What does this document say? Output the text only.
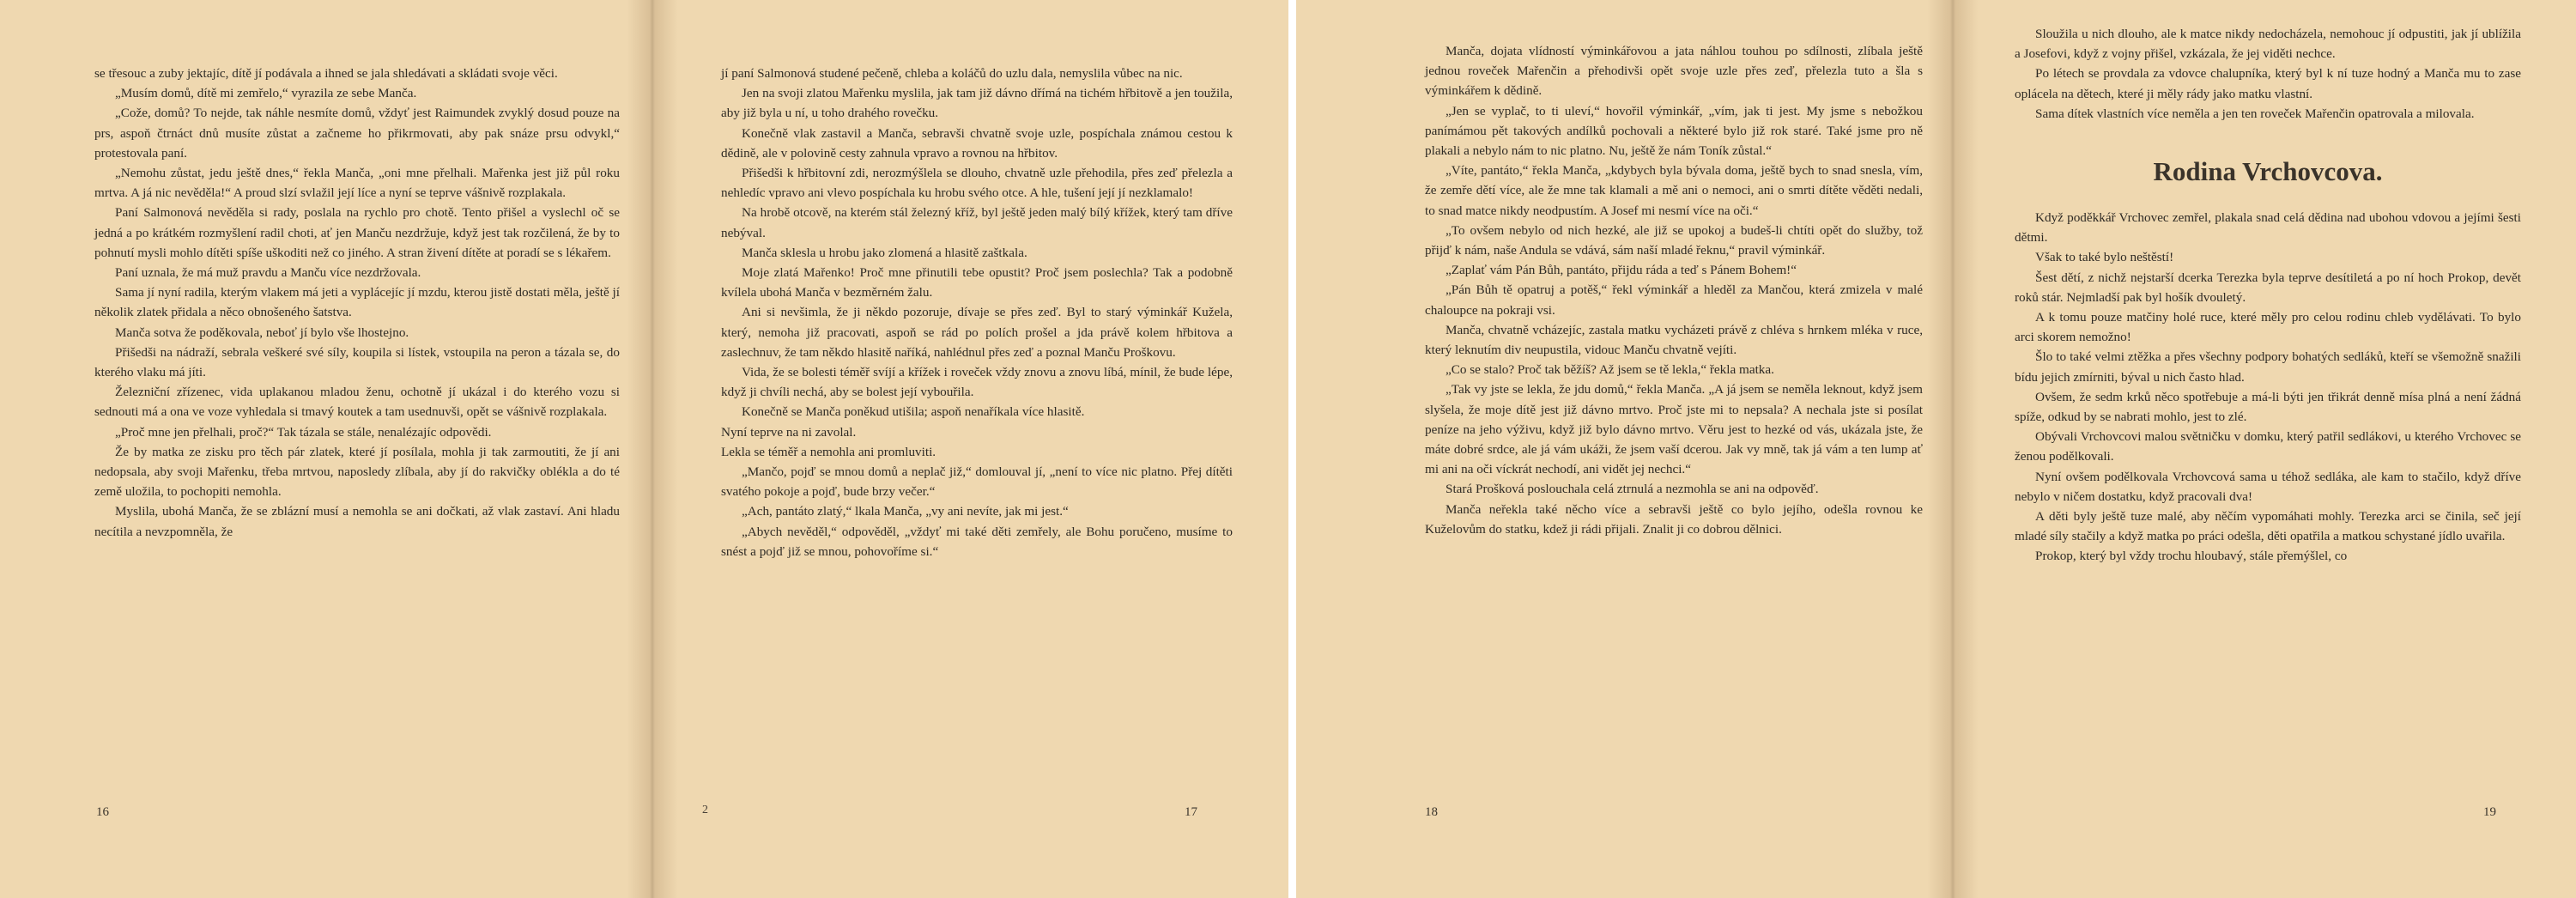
se třesouc a zuby jektajíc, dítě jí podávala a ihned se jala shledávati a skládati svoje věci.

„Musím domů, dítě mi zemřelo,“ vyrazila ze sebe Manča.

„Cože, domů? To nejde, tak náhle nesmíte domů, vždyť jest Raimundek zvyklý dosud pouze na prs, aspoň čtrnáct dnů musíte zůstat a začneme ho přikrmovati, aby pak snáze prsu odvykl,“ protestovala paní.

„Nemohu zůstat, jedu ještě dnes,“ řekla Manča, „oni mne přelhali. Mařenka jest již půl roku mrtva. A já nic nevěděla!“ A proud slzí svlažil její líce a nyní se teprve vášnivě rozplakala.

Paní Salmonová nevěděla si rady, poslala na rychlo pro chotě. Tento přišel a vyslechl oč se jedná a po krátkém rozmyšlení radil choti, ať jen Manču nezdržuje, když jest tak rozčilená, že by to pohnutí mysli mohlo dítěti spíše uškoditi než co jiného. A stran živení dítěte at poradí se s lékařem.

Paní uznala, že má muž pravdu a Manču více nezdržovala.

Sama jí nyní radila, kterým vlakem má jeti a vyplácejíc jí mzdu, kterou jistě dostati měla, ještě jí několik zlatek přidala a něco obnošeného šatstva.

Manča sotva že poděkovala, neboť jí bylo vše lhostejno.

Přišedši na nádraží, sebrala veškeré své síly, koupila si lístek, vstoupila na peron a tázala se, do kterého vlaku má jíti.

Železniční zřízenec, vida uplakanou mladou ženu, ochotně jí ukázal i do kterého vozu si sednouti má a ona ve voze vyhledala si tmavý koutek a tam usednuvši, opět se vášnivě rozplakala.

„Proč mne jen přelhali, proč?“ Tak tázala se stále, nenalézajíc odpovědi.

Že by matka ze zisku pro těch pár zlatek, které jí posílala, mohla ji tak zarmoutiti, že jí ani nedopsala, aby svoji Mařenku, třeba mrtvou, naposledy zlíbala, aby jí do rakvičky oblékla a do té země uložila, to pochopiti nemohla.

Myslila, ubohá Manča, že se zblázní musí a nemohla se ani dočkati, až vlak zastaví. Ani hladu necítila a nevzpomněla, že

16

jí paní Salmonová studené pečeně, chleba a koláčů do uzlu dala, nemyslila vůbec na nic.

Jen na svoji zlatou Mařenku myslila, jak tam již dávno dřímá na tichém hřbitově a jen toužila, aby již byla u ní, u toho drahého rovečku.

Konečně vlak zastavil a Manča, sebravši chvatně svoje uzle, pospíchala známou cestou k dědině, ale v polovině cesty zahnula vpravo a rovnou na hřbitov.

Přišedši k hřbitovní zdi, nerozmýšlela se dlouho, chvatně uzle přehodila, přes zeď přelezla a nehledíc vpravo ani vlevo pospíchala ku hrobu svého otce. A hle, tušení její jí nezklamalo!

Na hrobě otcově, na kterém stál železný kříž, byl ještě jeden malý bílý křížek, který tam dříve nebýval.

Manča sklesla u hrobu jako zlomená a hlasitě zaštkala.

Moje zlatá Mařenko! Proč mne přinutili tebe opustit? Proč jsem poslechla? Tak a podobně kvílela ubohá Manča v bezměrném žalu.

Ani si nevšimla, že ji někdo pozoruje, dívaje se přes zeď. Byl to starý výminkář Kužela, který, nemoha již pracovati, aspoň se rád po polích prošel a jda právě kolem hřbitova a zaslechnuv, že tam někdo hlasitě naříká, nahlédnul přes zeď a poznal Manču Proškovu.

Vida, že se bolesti téměř svíjí a křížek i roveček vždy znovu a znovu líbá, mínil, že bude lépe, když ji chvíli nechá, aby se bolest její vybouřila.

Konečně se Manča poněkud utišila; aspoň nenaříkala více hlasitě.

Nyní teprve na ni zavolal.

Lekla se téměř a nemohla ani promluviti.

„Mančo, pojď se mnou domů a neplač již,“ domlouval jí, „není to více nic platno. Přej dítěti svatého pokoje a pojď, bude brzy večer.“

„Ach, pantáto zlatý,“ lkala Manča, „vy ani nevíte, jak mi jest.“

„Abych nevěděl,“ odpověděl, „vždyť mi také děti zemřely, ale Bohu poručeno, musíme to snést a pojď již se mnou, pohovoříme si.“

2	17

Manča, dojata vlídností výminkářovou a jata náhlou touhou po sdílnosti, zlíbala ještě jednou roveček Mařenčin a přehodivši opět svoje uzle přes zeď, přelezla tuto a šla s výminkářem k dědině.

„Jen se vyplač, to ti uleví,“ hovořil výminkář, „vím, jak ti jest. My jsme s nebožkou panímámou pět takových andílků pochovali a některé bylo již rok staré. Také jsme pro ně plakali a nebylo nám to nic platno. Nu, ještě že nám Toník zůstal.“

„Víte, pantáto,“ řekla Manča, „kdybych byla bývala doma, ještě bych to snad snesla, vím, že zemře dětí více, ale že mne tak klamali a mě ani o nemoci, ani o smrti dítěte věděti nedali, to snad matce nikdy neodpustím. A Josef mi nesmí více na oči.“

„To ovšem nebylo od nich hezké, ale již se upokoj a budeš-li chtíti opět do služby, tož přijď k nám, naše Andula se vdává, sám naší mladé řeknu,“ pravil výminkář.

„Zaplať vám Pán Bůh, pantáto, přijdu ráda a teď s Pánem Bohem!“

„Pán Bůh tě opatruj a potěš,“ řekl výminkář a hleděl za Mančou, která zmizela v malé chaloupce na pokraji vsi.

Manča, chvatně vcházejíc, zastala matku vycházeti právě z chléva s hrnkem mléka v ruce, který leknutím div neupustila, vidouc Manču chvatně vejíti.

„Co se stalo? Proč tak běžíš? Až jsem se tě lekla,“ řekla matka.

„Tak vy jste se lekla, že jdu domů,“ řekla Manča. „A já jsem se neměla leknout, když jsem slyšela, že moje dítě jest již dávno mrtvo. Proč jste mi to nepsala? A nechala jste si posílat peníze na jeho výživu, když již bylo dávno mrtvo. Věru jest to hezké od vás, ukázala jste, že máte dobré srdce, ale já vám ukáži, že jsem vaší dcerou. Jak vy mně, tak já vám a ten lump ať mi ani na oči víckrát nechodí, ani vidět jej nechci.“

Stará Prošková poslouchala celá ztrnulá a nezmohla se ani na odpověď.

Manča neřekla také něcho více a sebravši ještě co bylo jejího, odešla rovnou ke Kuželovům do statku, kdež ji rádi přijali. Znalit ji co dobrou dělnici.

18

Sloužila u nich dlouho, ale k matce nikdy nedocházela, nemohouc jí odpustiti, jak jí ublížila a Josefovi, když z vojny přišel, vzkázala, že jej viděti nechce.

Po létech se provdala za vdovce chalupníka, který byl k ní tuze hodný a Manča mu to zase oplácela na dětech, které ji měly rády jako matku vlastní.

Sama dítek vlastních více neměla a jen ten roveček Mařenčin opatrovala a milovala.

Rodina Vrchovcova.

Když poděkkář Vrchovec zemřel, plakala snad celá dědina nad ubohou vdovou a jejími šesti dětmi.

Však to také bylo neštěstí!

Šest dětí, z nichž nejstarší dcerka Terezka byla teprve desítiletá a po ní hoch Prokop, devět roků stár. Nejmladší pak byl hošík dvouletý.

A k tomu pouze matčiny holé ruce, které měly pro celou rodinu chleb vydělávati. To bylo arci skorem nemožno!

Šlo to také velmi ztěžka a přes všechny podpory bohatých sedláků, kteří se všemožně snažili bídu jejich zmírniti, býval u nich často hlad.

Ovšem, že sedm krků něco spotřebuje a má-li býti jen třikrát denně mísa plná a není žádná spíže, odkud by se nabrati mohlo, jest to zlé.

Obývali Vrchovcovi malou světničku v domku, který patřil sedlákovi, u kterého Vrchovec se ženou podělkovali.

Nyní ovšem podělkovala Vrchovcová sama u téhož sedláka, ale kam to stačilo, když dříve nebylo v ničem dostatku, když pracovali dva!

A děti byly ještě tuze malé, aby něčím vypomáhati mohly. Terezka arci se činila, seč její mladé síly stačily a když matka po práci odešla, děti opatřila a matkou schystané jídlo uvařila.

Prokop, který byl vždy trochu hloubavý, stále přemýšlel, co

19
